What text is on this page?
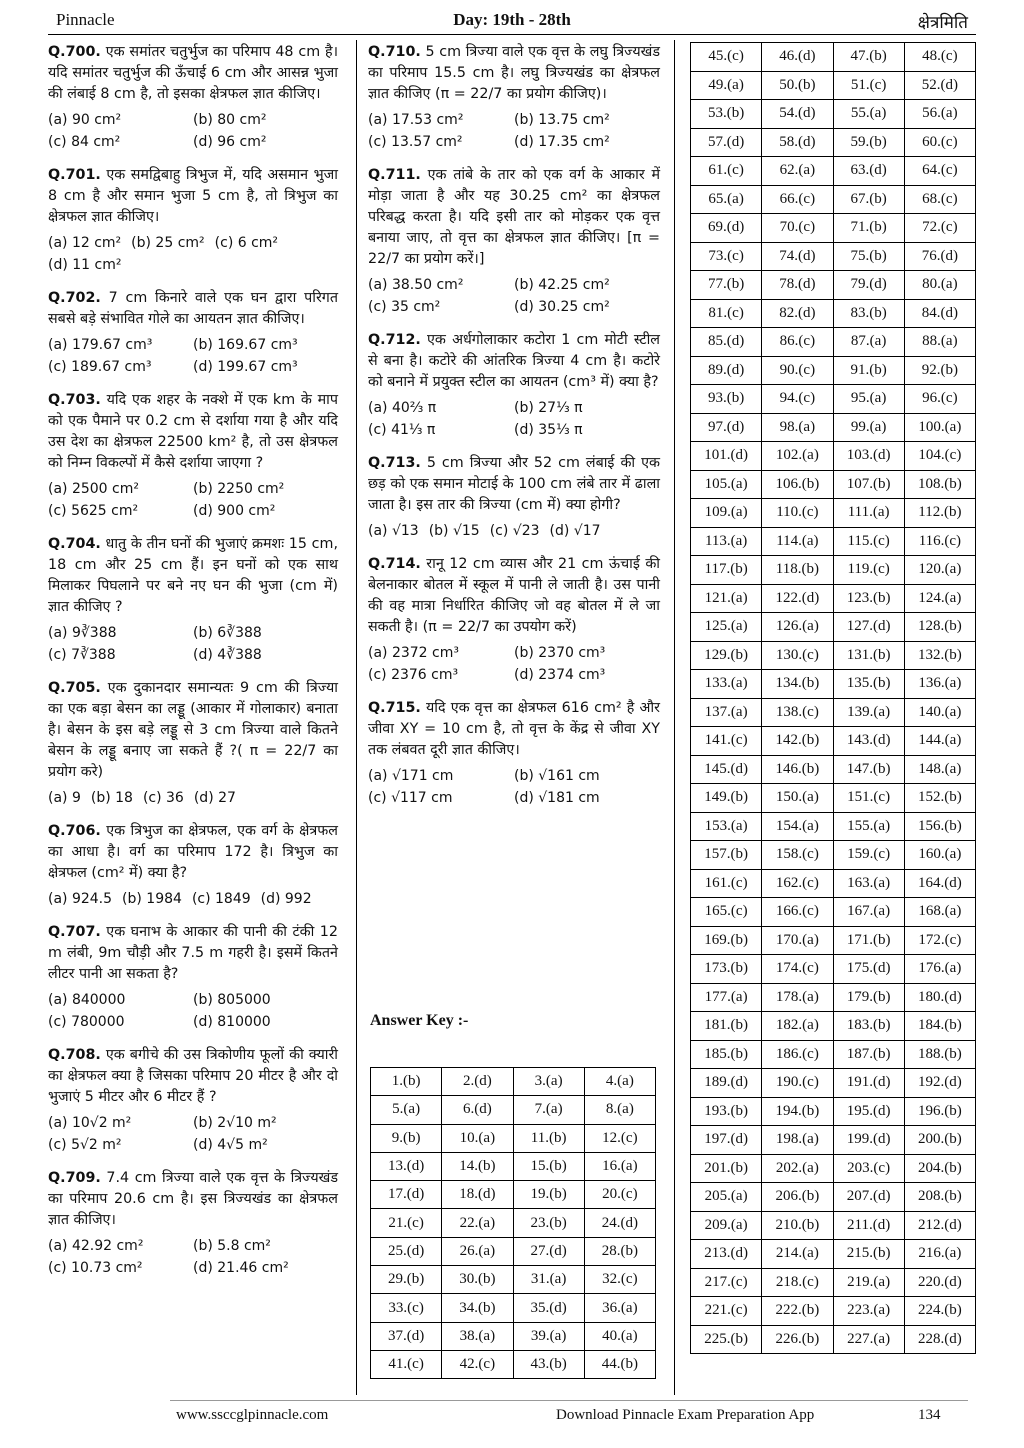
Pinnacle	Day: 19th - 28th	क्षेत्रमिति

Q.700. एक समांतर चतुर्भुज का परिमाप 48 cm है। यदि समांतर चतुर्भुज की ऊँचाई 6 cm और आसन्न भुजा की लंबाई 8 cm है, तो इसका क्षेत्रफल ज्ञात कीजिए।

(a) 90 cm²	(b) 80 cm²
(c) 84 cm²	(d) 96 cm²

Q.701. एक समद्विबाहु त्रिभुज में, यदि असमान भुजा 8 cm है और समान भुजा 5 cm है, तो त्रिभुज का क्षेत्रफल ज्ञात कीजिए।

(a) 12 cm² (b) 25 cm² (c) 6 cm²
(d) 11 cm²

Q.702. 7 cm किनारे वाले एक घन द्वारा परिगत सबसे बड़े संभावित गोले का आयतन ज्ञात कीजिए।

(a) 179.67 cm³	(b) 169.67 cm³
(c) 189.67 cm³	(d) 199.67 cm³

Q.703. यदि एक शहर के नक्शे में एक km के माप को एक पैमाने पर 0.2 cm से दर्शाया गया है और यदि उस देश का क्षेत्रफल 22500 km² है, तो उस क्षेत्रफल को निम्न विकल्पों में कैसे दर्शाया जाएगा ?

(a) 2500 cm²	(b) 2250 cm²
(c) 5625 cm²	(d) 900 cm²

Q.704. धातु के तीन घनों की भुजाएं क्रमशः 15 cm, 18 cm और 25 cm हैं। इन घनों को एक साथ मिलाकर पिघलाने पर बने नए घन की भुजा (cm में) ज्ञात कीजिए ?

(a) 9∛388	(b) 6∛388
(c) 7∛388	(d) 4∛388

Q.705. एक दुकानदार समान्यतः 9 cm की त्रिज्या का एक बड़ा बेसन का लड्डू (आकार में गोलाकार) बनाता है। बेसन के इस बड़े लड्डू से 3 cm त्रिज्या वाले कितने बेसन के लड्डू बनाए जा सकते हैं ?( π = 22/7 का प्रयोग करे)

(a) 9 (b) 18 (c) 36 (d) 27

Q.706. एक त्रिभुज का क्षेत्रफल, एक वर्ग के क्षेत्रफल का आधा है। वर्ग का परिमाप 172 है। त्रिभुज का क्षेत्रफल (cm² में) क्या है?

(a) 924.5 (b) 1984 (c) 1849 (d) 992

Q.707. एक घनाभ के आकार की पानी की टंकी 12 m लंबी, 9m चौड़ी और 7.5 m गहरी है। इसमें कितने लीटर पानी आ सकता है?

(a) 840000	(b) 805000
(c) 780000	(d) 810000

Q.708. एक बगीचे की उस त्रिकोणीय फूलों की क्यारी का क्षेत्रफल क्या है जिसका परिमाप 20 मीटर है और दो भुजाएं 5 मीटर और 6 मीटर हैं ?

(a) 10√2 m²	(b) 2√10 m²
(c) 5√2 m²	(d) 4√5 m²

Q.709. 7.4 cm त्रिज्या वाले एक वृत्त के त्रिज्यखंड का परिमाप 20.6 cm है। इस त्रिज्यखंड का क्षेत्रफल ज्ञात कीजिए।

(a) 42.92 cm²	(b) 5.8 cm²
(c) 10.73 cm²	(d) 21.46 cm²

Q.710. 5 cm त्रिज्या वाले एक वृत्त के लघु त्रिज्यखंड का परिमाप 15.5 cm है। लघु त्रिज्यखंड का क्षेत्रफल ज्ञात कीजिए (π = 22/7 का प्रयोग कीजिए)।

(a) 17.53 cm²	(b) 13.75 cm²
(c) 13.57 cm²	(d) 17.35 cm²

Q.711. एक तांबे के तार को एक वर्ग के आकार में मोड़ा जाता है और यह 30.25 cm² का क्षेत्रफल परिबद्ध करता है। यदि इसी तार को मोड़कर एक वृत्त बनाया जाए, तो वृत्त का क्षेत्रफल ज्ञात कीजिए। [π = 22/7 का प्रयोग करें।]

(a) 38.50 cm²	(b) 42.25 cm²
(c) 35 cm²	(d) 30.25 cm²

Q.712. एक अर्धगोलाकार कटोरा 1 cm मोटी स्टील से बना है। कटोरे की आंतरिक त्रिज्या 4 cm है। कटोरे को बनाने में प्रयुक्त स्टील का आयतन (cm³ में) क्या है?

(a) 40⅔ π	(b) 27⅓ π
(c) 41⅓ π	(d) 35⅓ π

Q.713. 5 cm त्रिज्या और 52 cm लंबाई की एक छड़ को एक समान मोटाई के 100 cm लंबे तार में ढाला जाता है। इस तार की त्रिज्या (cm में) क्या होगी?

(a) √13 (b) √15 (c) √23 (d) √17

Q.714. रानू 12 cm व्यास और 21 cm ऊंचाई की बेलनाकार बोतल में स्कूल में पानी ले जाती है। उस पानी की वह मात्रा निर्धारित कीजिए जो वह बोतल में ले जा सकती है। (π = 22/7 का उपयोग करें)

(a) 2372 cm³	(b) 2370 cm³
(c) 2376 cm³	(d) 2374 cm³

Q.715. यदि एक वृत्त का क्षेत्रफल 616 cm² है और जीवा XY = 10 cm है, तो वृत्त के केंद्र से जीवा XY तक लंबवत दूरी ज्ञात कीजिए।

(a) √171 cm	(b) √161 cm
(c) √117 cm	(d) √181 cm
Answer Key :-
1.(b)	2.(d)	3.(a)	4.(a)
5.(a)	6.(d)	7.(a)	8.(a)
9.(b)	10.(a)	11.(b)	12.(c)
13.(d)	14.(b)	15.(b)	16.(a)
17.(d)	18.(d)	19.(b)	20.(c)
21.(c)	22.(a)	23.(b)	24.(d)
25.(d)	26.(a)	27.(d)	28.(b)
29.(b)	30.(b)	31.(a)	32.(c)
33.(c)	34.(b)	35.(d)	36.(a)
37.(d)	38.(a)	39.(a)	40.(a)
41.(c)	42.(c)	43.(b)	44.(b)
45.(c)	46.(d)	47.(b)	48.(c)
49.(a)	50.(b)	51.(c)	52.(d)
53.(b)	54.(d)	55.(a)	56.(a)
57.(d)	58.(d)	59.(b)	60.(c)
61.(c)	62.(a)	63.(d)	64.(c)
65.(a)	66.(c)	67.(b)	68.(c)
69.(d)	70.(c)	71.(b)	72.(c)
73.(c)	74.(d)	75.(b)	76.(d)
77.(b)	78.(d)	79.(d)	80.(a)
81.(c)	82.(d)	83.(b)	84.(d)
85.(d)	86.(c)	87.(a)	88.(a)
89.(d)	90.(c)	91.(b)	92.(b)
93.(b)	94.(c)	95.(a)	96.(c)
97.(d)	98.(a)	99.(a)	100.(a)
101.(d)	102.(a)	103.(d)	104.(c)
105.(a)	106.(b)	107.(b)	108.(b)
109.(a)	110.(c)	111.(a)	112.(b)
113.(a)	114.(a)	115.(c)	116.(c)
117.(b)	118.(b)	119.(c)	120.(a)
121.(a)	122.(d)	123.(b)	124.(a)
125.(a)	126.(a)	127.(d)	128.(b)
129.(b)	130.(c)	131.(b)	132.(b)
133.(a)	134.(b)	135.(b)	136.(a)
137.(a)	138.(c)	139.(a)	140.(a)
141.(c)	142.(b)	143.(d)	144.(a)
145.(d)	146.(b)	147.(b)	148.(a)
149.(b)	150.(a)	151.(c)	152.(b)
153.(a)	154.(a)	155.(a)	156.(b)
157.(b)	158.(c)	159.(c)	160.(a)
161.(c)	162.(c)	163.(a)	164.(d)
165.(c)	166.(c)	167.(a)	168.(a)
169.(b)	170.(a)	171.(b)	172.(c)
173.(b)	174.(c)	175.(d)	176.(a)
177.(a)	178.(a)	179.(b)	180.(d)
181.(b)	182.(a)	183.(b)	184.(b)
185.(b)	186.(c)	187.(b)	188.(b)
189.(d)	190.(c)	191.(d)	192.(d)
193.(b)	194.(b)	195.(d)	196.(b)
197.(d)	198.(a)	199.(d)	200.(b)
201.(b)	202.(a)	203.(c)	204.(b)
205.(a)	206.(b)	207.(d)	208.(b)
209.(a)	210.(b)	211.(d)	212.(d)
213.(d)	214.(a)	215.(b)	216.(a)
217.(c)	218.(c)	219.(a)	220.(d)
221.(c)	222.(b)	223.(a)	224.(b)
225.(b)	226.(b)	227.(a)	228.(d)
www.ssccglpinnacle.com	Download Pinnacle Exam Preparation App	134
